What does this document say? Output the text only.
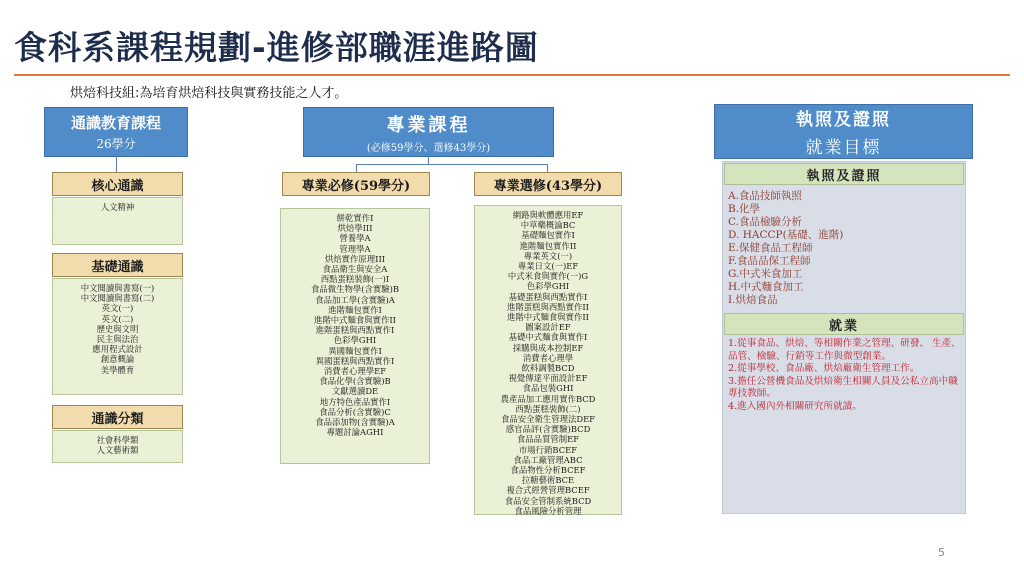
食科系課程規劃-進修部職涯進路圖
烘焙科技組:為培育烘焙科技與實務技能之人才。
通識教育課程
26學分
核心通識
人文精神
基礎通識
中文閱讀與書寫(一)
中文閱讀與書寫(二)
英文(一)
英文(二)
歷史與文明
民主與法治
應用程式設計
創意概論
美學體育
通識分類
社會科學類
人文藝術類
專業課程
(必修59學分、選修43學分)
專業必修(59學分)
餅乾實作I
烘焙學III
營養學A
管理學A
烘焙實作原理III
食品衛生與安全A
西點蛋糕裝飾(一)I
食品微生物學(含實驗)B
食品加工學(含實驗)A
進階麵包實作I
進階中式麵食與實作II
進階蛋糕與西點實作I
色彩學GHI
異國麵包實作I
異國蛋糕與西點實作I
消費者心理學EF
食品化學(含實驗)B
文獻選讀DE
地方特色產品實作I
食品分析(含實驗)C
食品添加物(含實驗)A
專題討論AGHI
專業選修(43學分)
網路與軟體應用EF
中草藥概論BC
基礎麵包實作I
進階麵包實作II
專業英文(一)
專業日文(一)EF
中式米食與實作(一)G
色彩學GHI
基礎蛋糕與西點實作I
進階蛋糕與西點實作II
進階中式麵食與實作II
圖案設計EF
基礎中式麵食與實作I
採購與成本控制EF
消費者心理學
飲料調製BCD
視覺傳達平面設計EF
食品包裝GHI
農產品加工應用實作BCD
西點蛋糕裝飾(二)
食品安全衛生管理法DEF
感官品評(含實驗)BCD
食品品質管制EF
市場行銷BCEF
食品工廠管理ABC
食品物性分析BCEF
拉糖藝術BCE
複合式經營管理BCEF
食品安全管制系統BCD
食品風險分析管理
執照及證照
就業目標
執照及證照
A.食品技師執照
B.化學
C.食品檢驗分析
D. HACCP(基礎、進階)
E.保健食品工程師
F.食品品保工程師
G.中式米食加工
H.中式麵食加工
I.烘焙食品
就業
1.從事食品、烘焙、等相關作業之管理、研發、 生產、品管、檢驗、行銷等工作與微型創業。
2.從事學校、食品廠、烘焙廠衛生管理工作。
3.擔任公營機食品及烘焙衛生相關人員及公私立高中職專技教師。
4.進入國內外相關研究所就讀。
5
